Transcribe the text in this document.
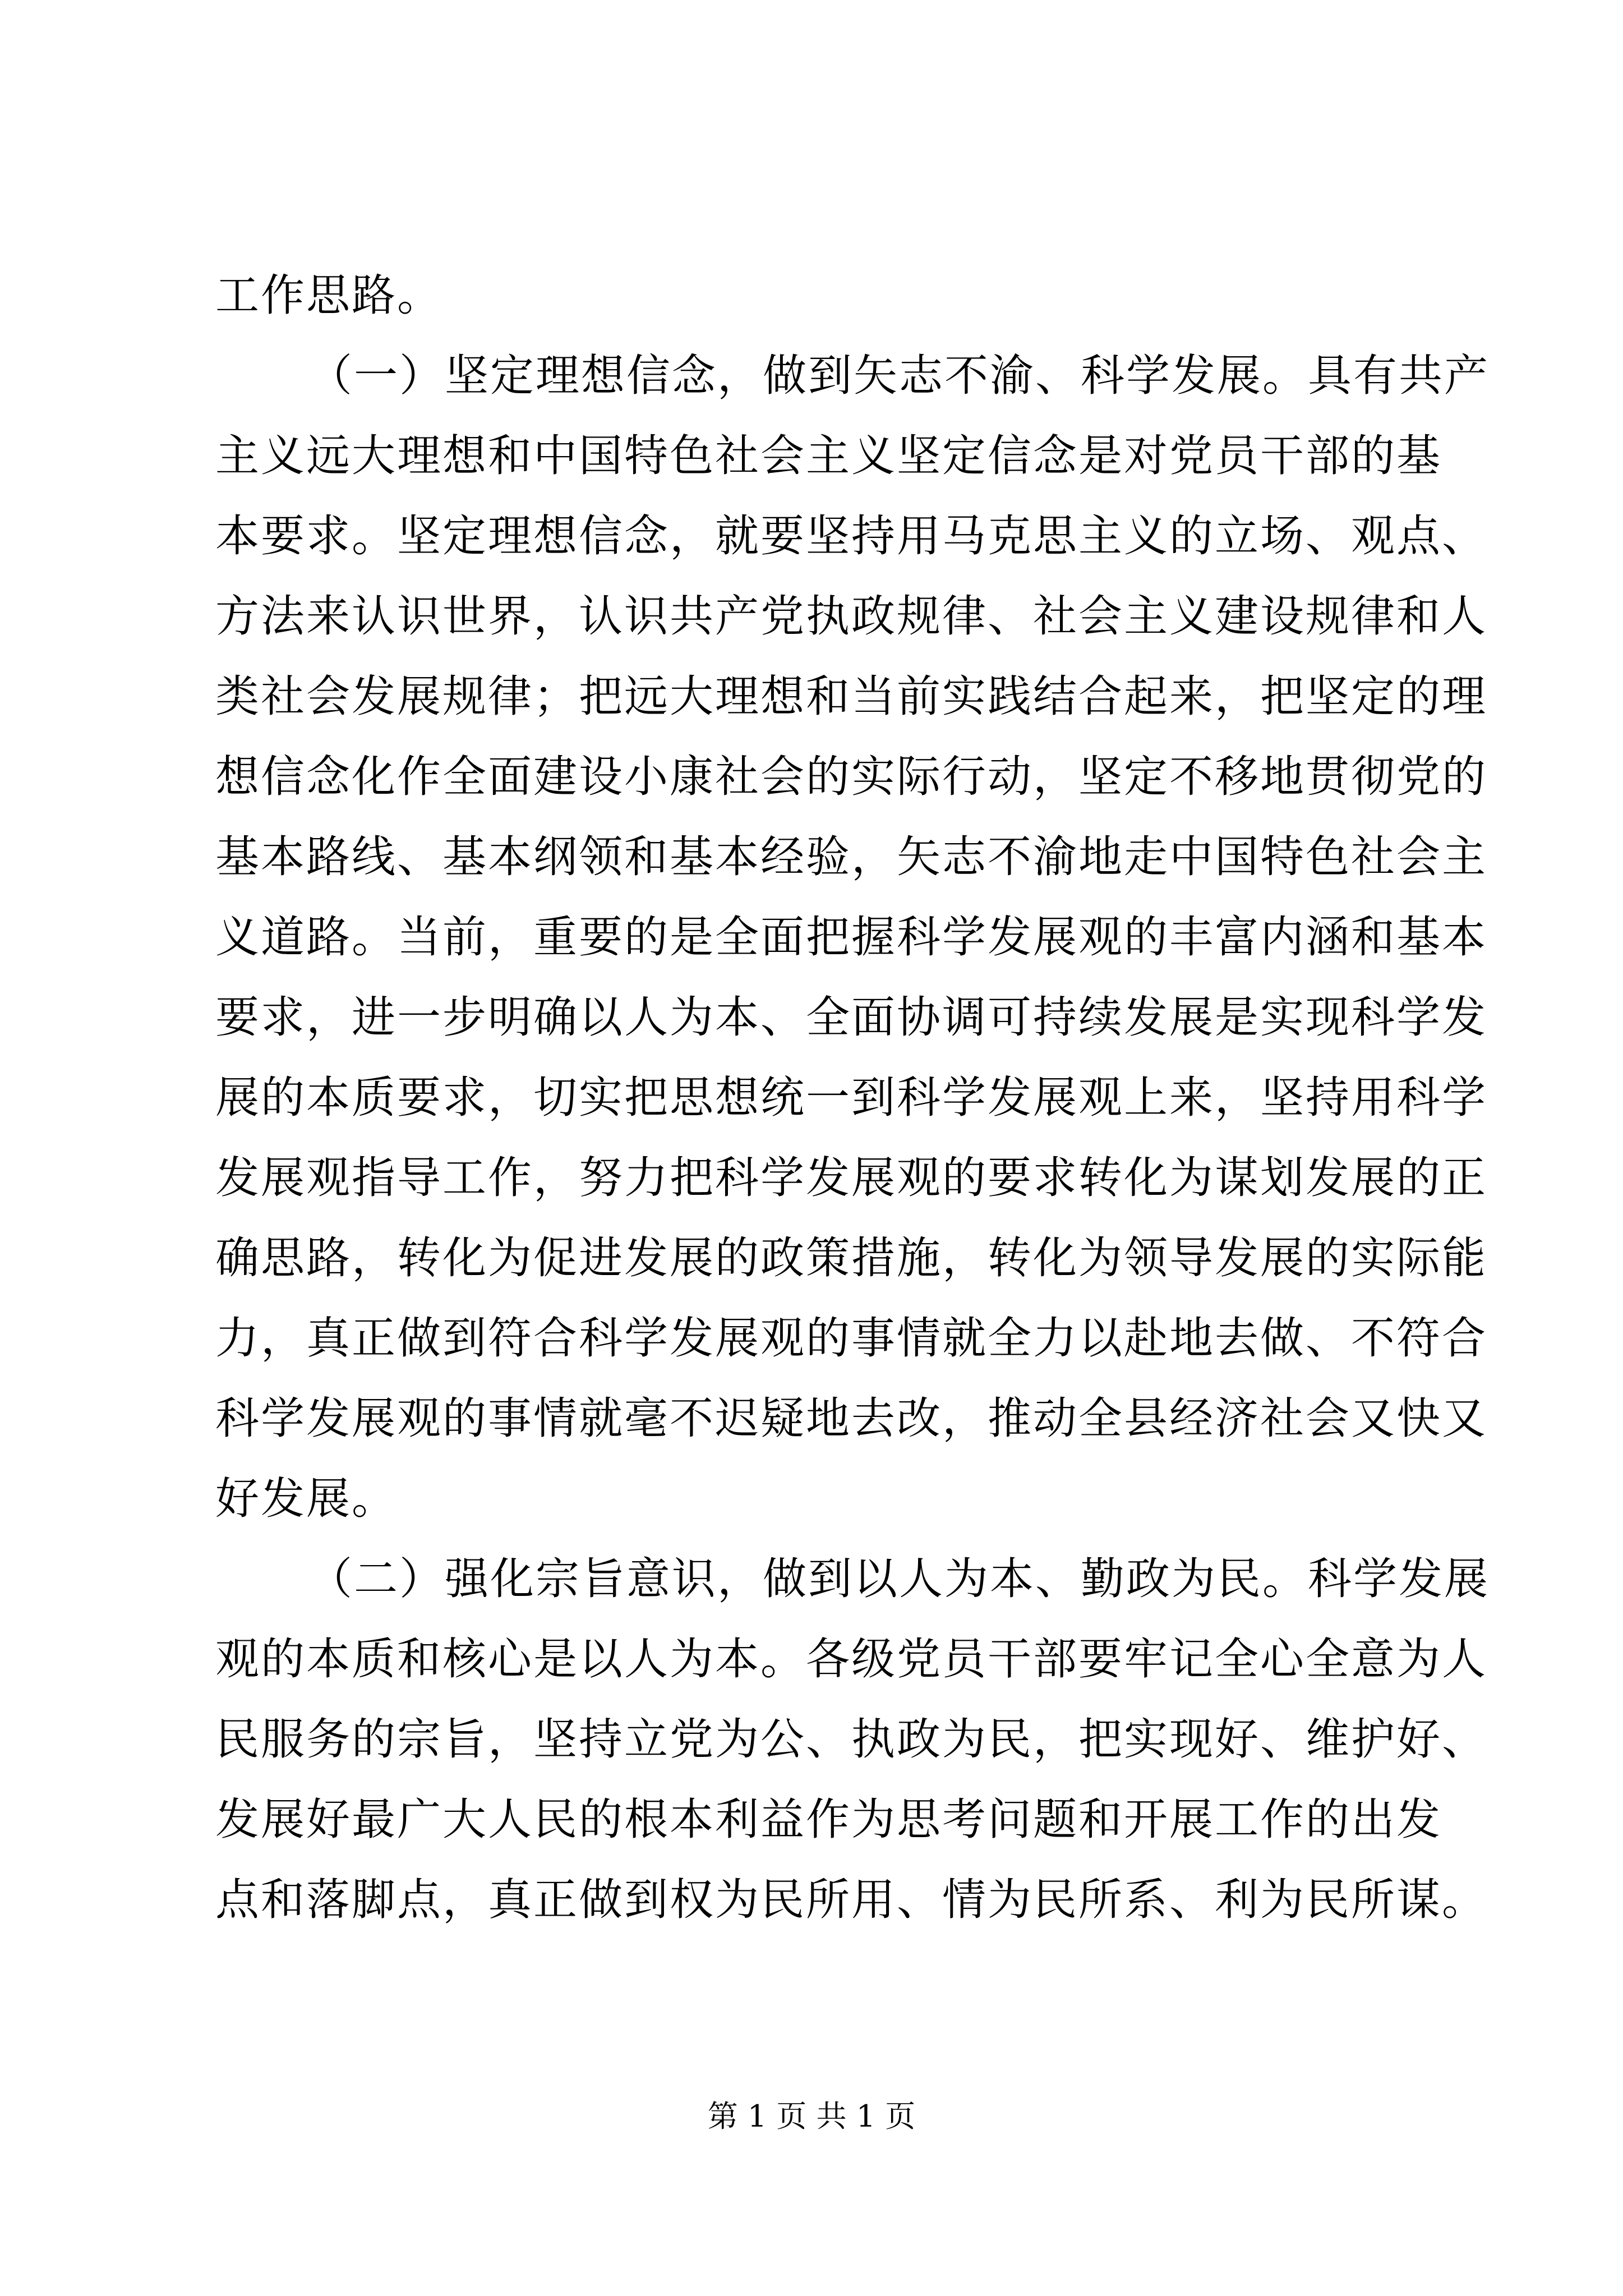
工作思路。
（一）坚定理想信念，做到矢志不渝、科学发展。具有共产
主义远大理想和中国特色社会主义坚定信念是对党员干部的基
本要求。坚定理想信念，就要坚持用马克思主义的立场、观点、
方法来认识世界，认识共产党执政规律、社会主义建设规律和人
类社会发展规律；把远大理想和当前实践结合起来，把坚定的理
想信念化作全面建设小康社会的实际行动，坚定不移地贯彻党的
基本路线、基本纲领和基本经验，矢志不渝地走中国特色社会主
义道路。当前，重要的是全面把握科学发展观的丰富内涵和基本
要求，进一步明确以人为本、全面协调可持续发展是实现科学发
展的本质要求，切实把思想统一到科学发展观上来，坚持用科学
发展观指导工作，努力把科学发展观的要求转化为谋划发展的正
确思路，转化为促进发展的政策措施，转化为领导发展的实际能
力，真正做到符合科学发展观的事情就全力以赴地去做、不符合
科学发展观的事情就毫不迟疑地去改，推动全县经济社会又快又
好发展。
（二）强化宗旨意识，做到以人为本、勤政为民。科学发展
观的本质和核心是以人为本。各级党员干部要牢记全心全意为人
民服务的宗旨，坚持立党为公、执政为民，把实现好、维护好、
发展好最广大人民的根本利益作为思考问题和开展工作的出发
点和落脚点，真正做到权为民所用、情为民所系、利为民所谋。
第 1 页 共 1 页
